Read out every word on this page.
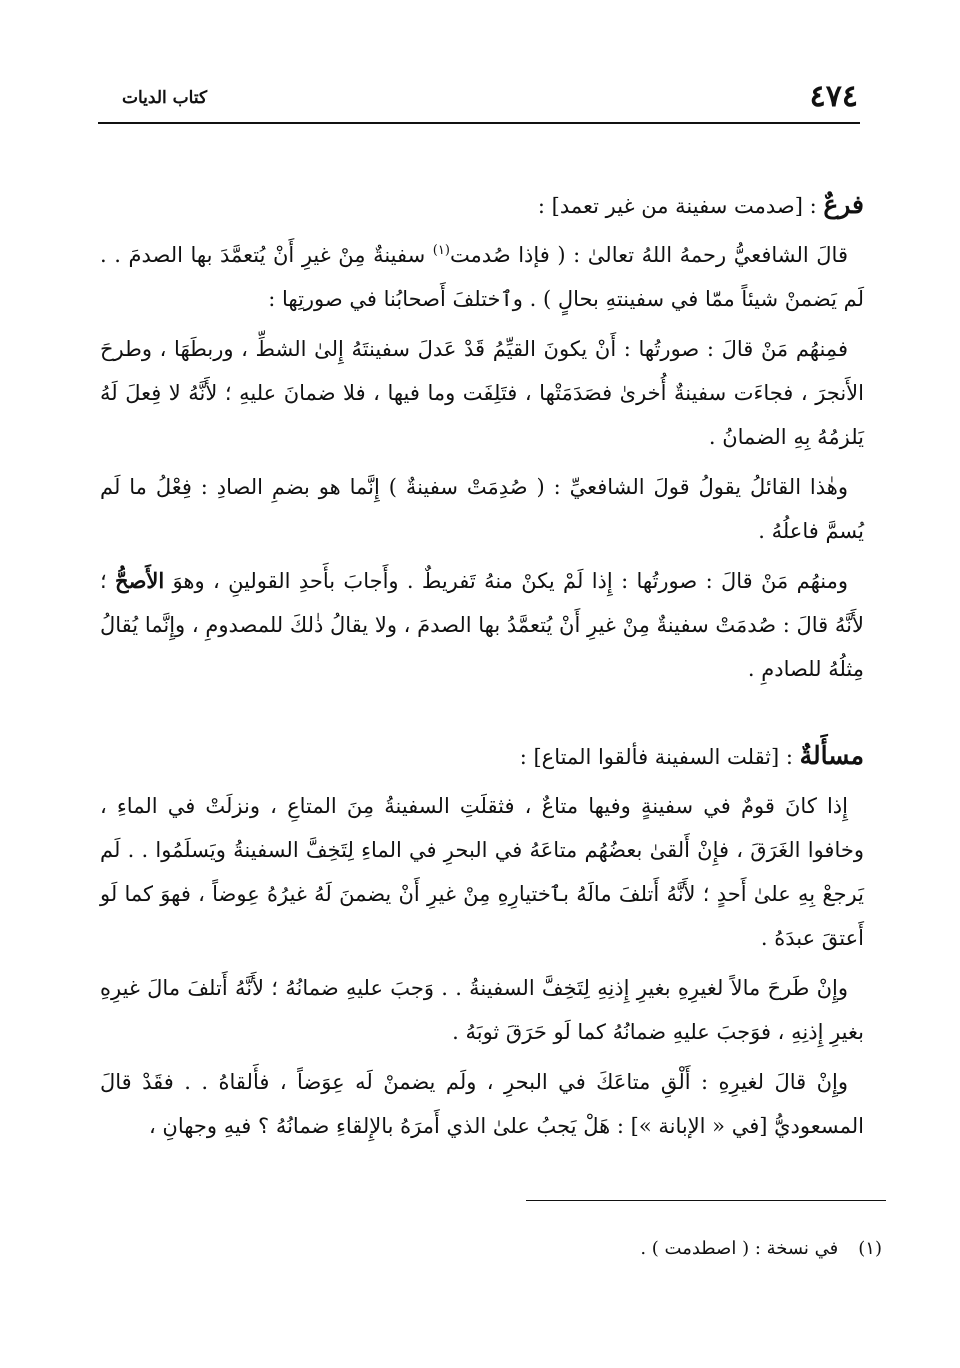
٤٧٤
كتاب الديات
فرعٌ : [صدمت سفينة من غير تعمد] :

قالَ الشافعيُّ رحمهُ اللهُ تعالىٰ : ( فإذا صُدمت$^{(١)}$ سفينةٌ مِنْ غيرِ أَنْ يُتعمَّدَ بها الصدمَ . . لَم يَضمنْ شيئاً ممّا في سفينتهِ بحالٍ ) . وٱختلفَ أَصحابُنا في صورتِها :

فمِنهُم مَنْ قالَ : صورتُها : أَنْ يكونَ القيِّمُ قَدْ عَدلَ سفينتَهُ إِلىٰ الشطِّ ، وربطَهَا ، وطرحَ الأَنجرَ ، فجاءَت سفينةٌ أُخرىٰ فصَدَمَتْها ، فتَلِفَت وما فيها ، فلا ضمانَ عليهِ ؛ لأَنَّهُ لا فِعلَ لَهُ يَلزمُهُ بِهِ الضمانُ .

وهٰذا القائلُ يقولُ قولَ الشافعيِّ : ( صُدِمَتْ سفينةٌ ) إِنَّما هو بضمِ الصادِ : فِعْلُ ما لَم يُسمَّ فاعلُهُ .

ومنهُم مَنْ قالَ : صورتُها : إِذا لَمْ يكنْ منهُ تَفريطٌ . وأَجابَ بأَحدِ القولينِ ، وهوَ الأَصحُّ ؛ لأَنَّهُ قالَ : صُدمَتْ سفينةٌ مِنْ غيرِ أَنْ يُتعمَّدُ بها الصدمَ ، ولا يقالُ ذٰلكَ للمصدومِ ، وإِنَّما يُقالُ مِثلُهُ للصادمِ .

مسأَلةٌ : [ثقلت السفينة فألقوا المتاع] :

إِذا كانَ قومٌ في سفينةٍ وفيها متاعٌ ، فثقلَتِ السفينةُ مِنَ المتاعِ ، ونزلَتْ في الماءِ ، وخافوا الغَرَقَ ، فإِنْ أَلقىٰ بعضُهُم متاعَهُ في البحرِ في الماءِ لِتَخِفَّ السفينةُ ويَسلَمُوا . . لَم يَرجعْ بِهِ علىٰ أَحدٍ ؛ لأَنَّهُ أَتلفَ مالَهُ بٱختيارِهِ مِنْ غيرِ أَنْ يضمنَ لَهُ غيرُهُ عِوضاً ، فهوَ كما لَو أَعتقَ عبدَهُ .

وإِنْ طَرحَ مالاً لغيرِهِ بغيرِ إِذنِهِ لِتَخِفَّ السفينةُ . . وَجبَ عليهِ ضمانُهُ ؛ لأَنَّهُ أَتلفَ مالَ غيرِهِ بغيرِ إِذنِهِ ، فوَجبَ عليهِ ضمانُهُ كما لَو حَرَقَ ثوبَهُ .

وإِنْ قالَ لغيرِهِ : أَلْقِ متاعَكَ في البحرِ ، ولَم يضمنْ لَه عِوَضاً ، فأَلقاهُ . . فقَدْ قالَ المسعوديُّ [في « الإبانة »] : هَلْ يَجبُ علىٰ الذي أَمرَهُ بالإِلقاءِ ضمانُهُ ؟ فيهِ وجهانِ ،

(١) في نسخة : ( اصطدمت ) .
